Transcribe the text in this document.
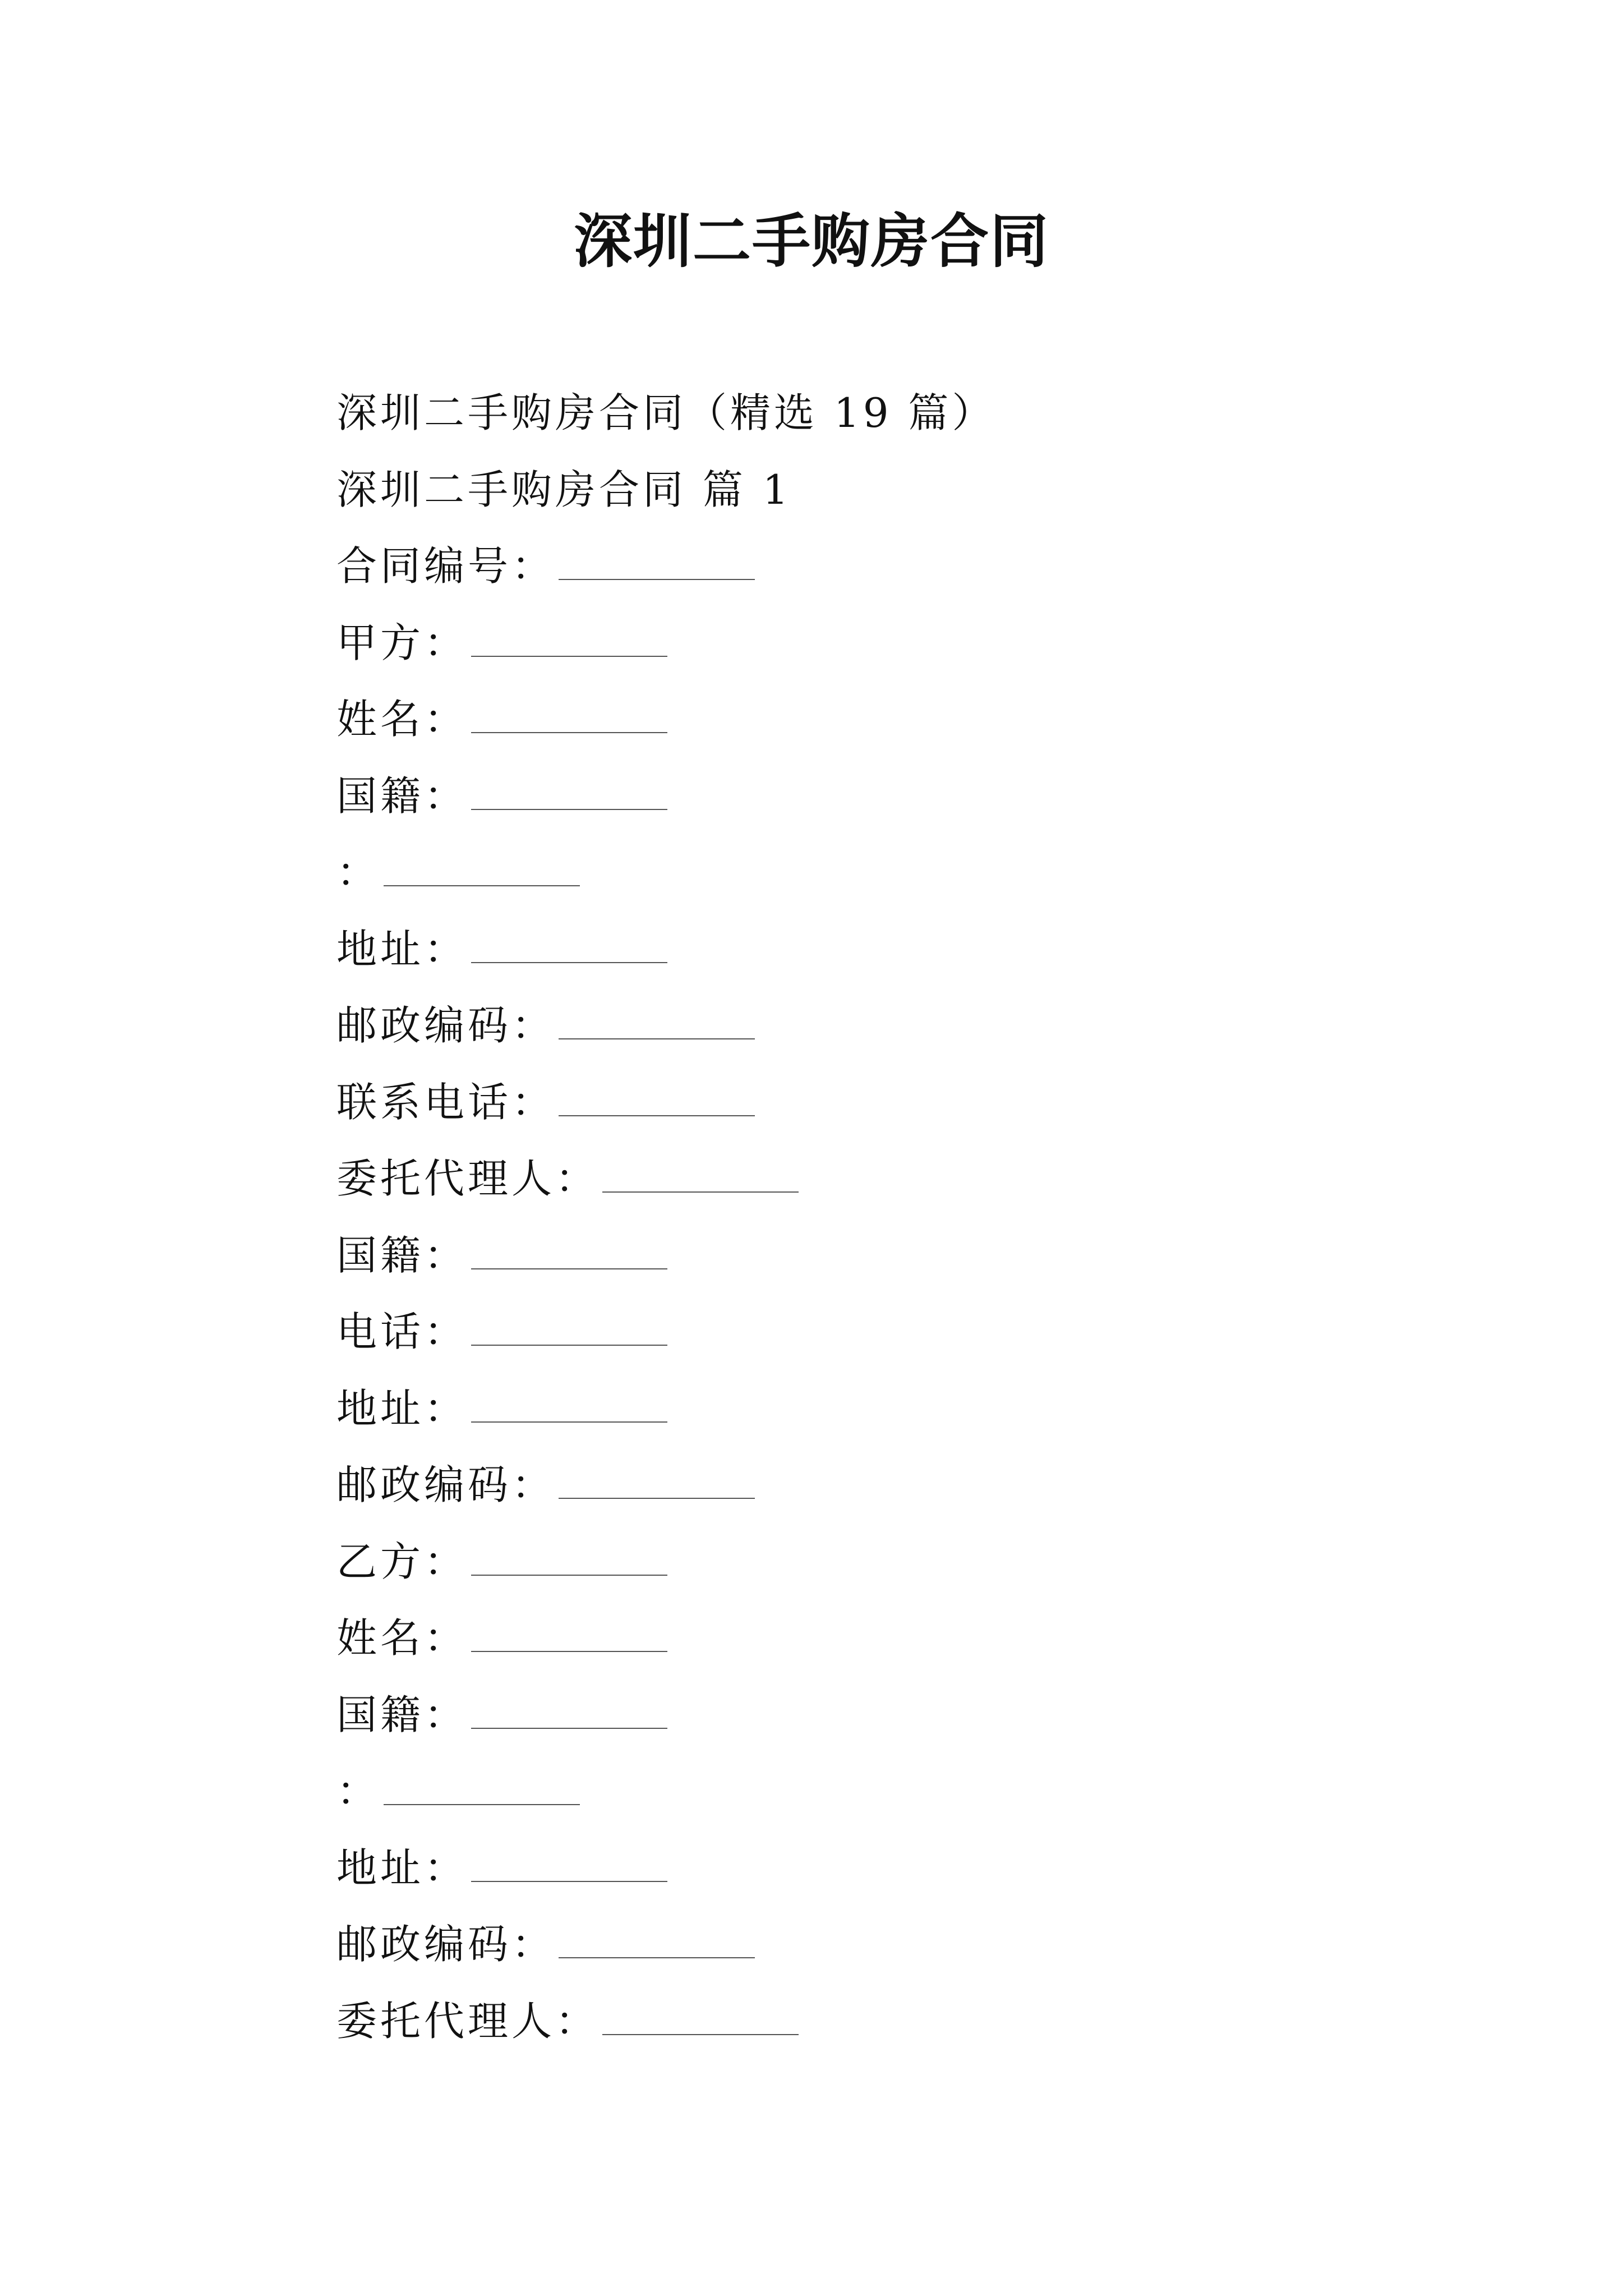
深圳二手购房合同
深圳二手购房合同（精选 19 篇）
深圳二手购房合同 篇 1
合同编号：
甲方：
姓名：
国籍：
：
地址：
邮政编码：
联系电话：
委托代理人：
国籍：
电话：
地址：
邮政编码：
乙方：
姓名：
国籍：
：
地址：
邮政编码：
委托代理人：
